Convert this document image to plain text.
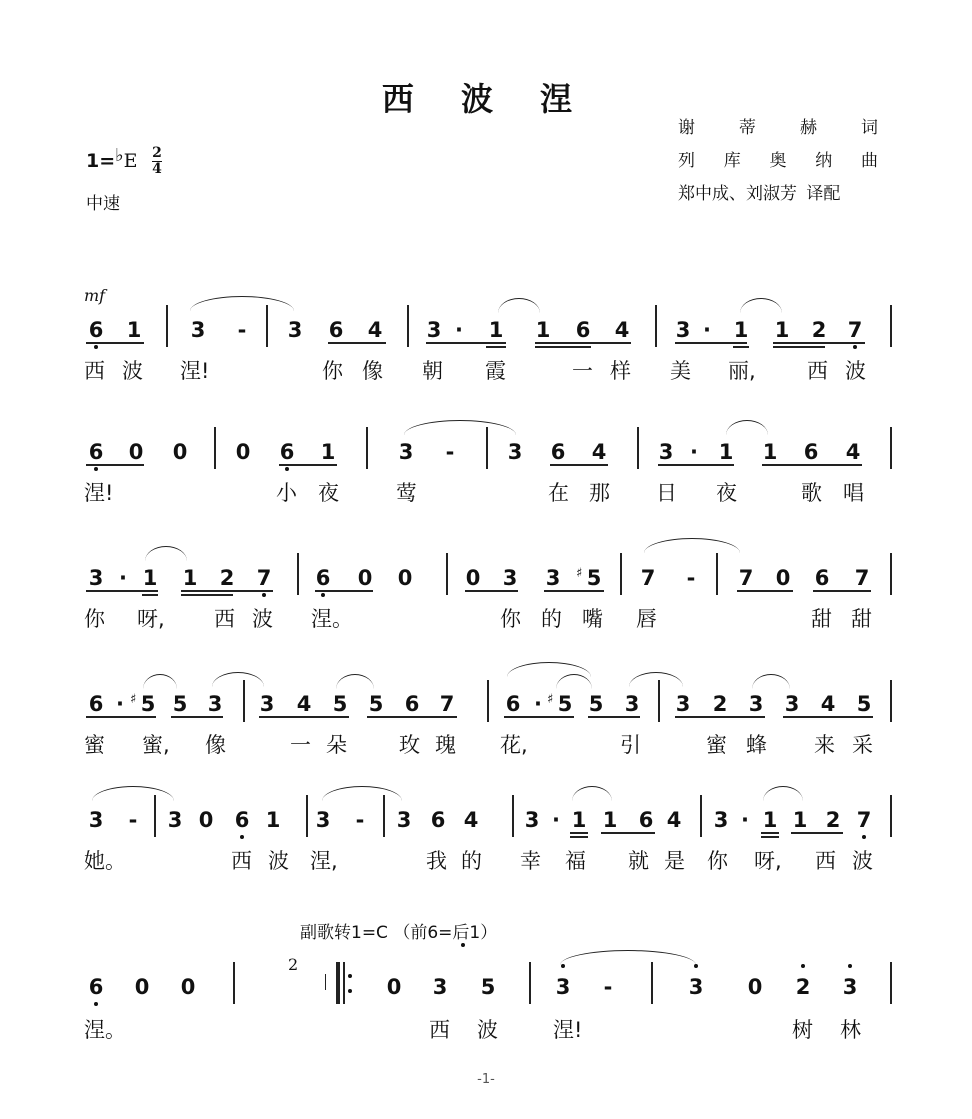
西 波 涅
谢 蒂 赫 词
列 库 奥 纳 曲
郑中成、刘淑芳 译配
1=♭E $\frac{2}{4}$
中速
mf
6 1 3 - 3 6 4 3 · 1 1 6 4 3 · 1 1 2 7
西 波 涅!	你 像 朝 霞	一 样 美 丽, 西 波
6 0 0 0 6 1	3 -	3 6 4 3 · 1 1 6 4
涅!	小 夜	莺	在 那 日 夜	歌 唱
3 · 1 1 2 7 6 0 0	0 3 3 ♯ 5 7 - 7 0 6 7
你 呀, 西 波 涅。	你 的 嘴 唇	甜 甜
6 · ♯ 5 5 3 3 4 5 5 6 7 6 · ♯ 5 5 3 3 2 3 3 4 5
蜜 蜜, 像	一 朵 玫 瑰 花,	引	蜜 蜂 来 采
3 - 3 0 6 1 3 - 3 6 4 3 · 1 1 6 4 3 · 1 1 2 7
她。	西 波 涅,	我 的 幸 福 就 是 你 呀, 西 波
副歌转1=C （前6=后1）
6 0 0
2
0 3 5	3 -	3 0 2 3
涅。	西 波	涅!	树 林
-1-
